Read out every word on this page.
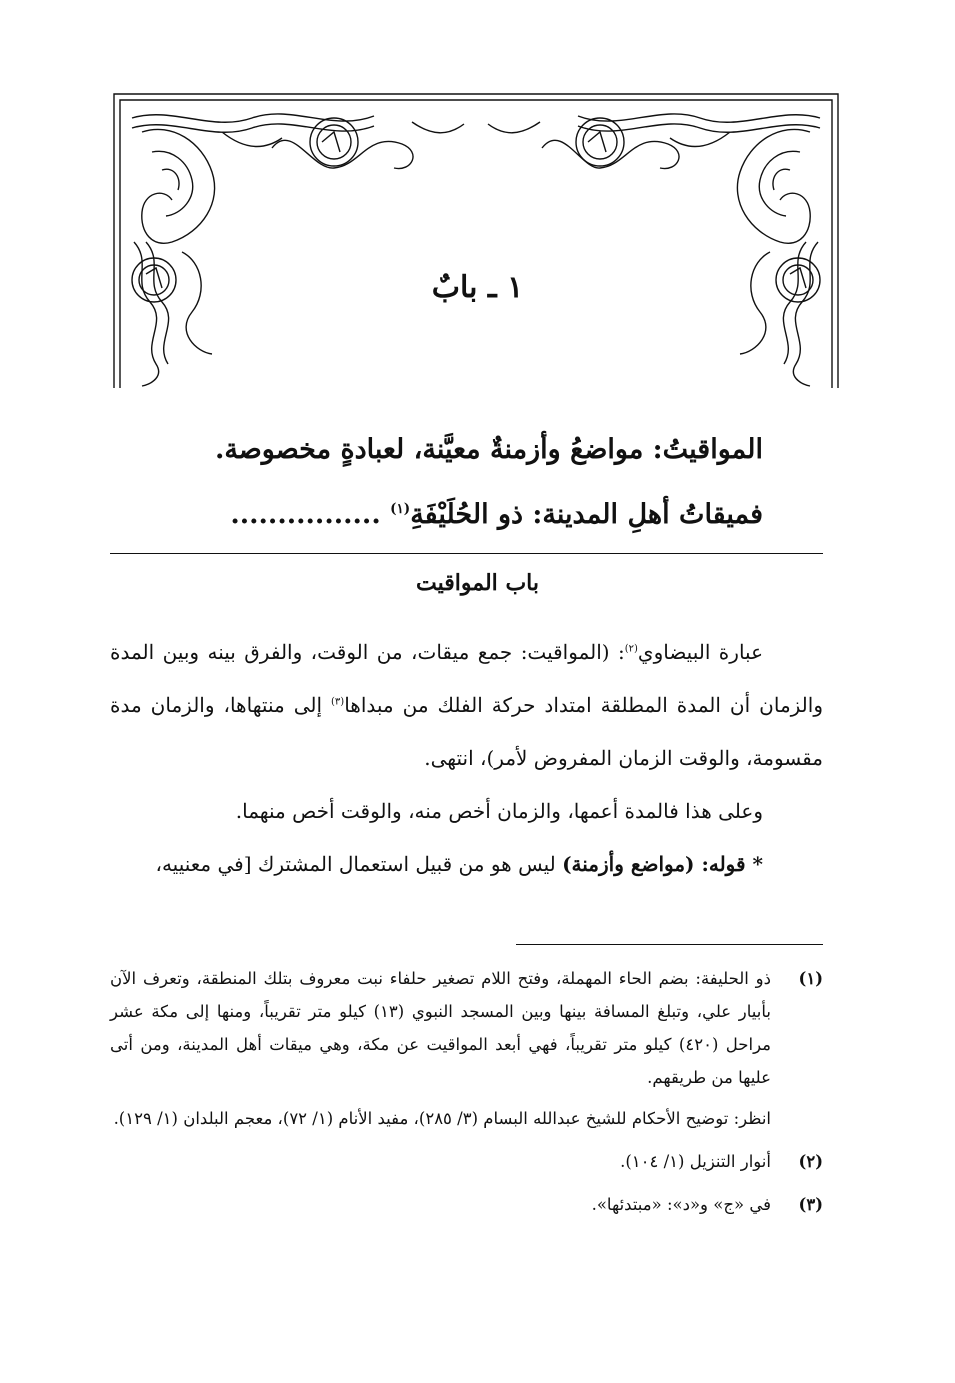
١ ـ بابٌ
المواقيتُ: مواضعُ وأزمنةٌ معيَّنة، لعبادةٍ مخصوصة.
فميقاتُ أهلِ المدينة: ذو الحُلَيْفَةِ$^{(١)}$ ................
باب المواقيت

عبارة البيضاوي$^{(٢)}$: (المواقيت: جمع ميقات، من الوقت، والفرق بينه وبين المدة والزمان أن المدة المطلقة امتداد حركة الفلك من مبداها$^{(٣)}$ إلى منتهاها، والزمان مدة مقسومة، والوقت الزمان المفروض لأمر)، انتهى.

وعلى هذا فالمدة أعمها، والزمان أخص منه، والوقت أخص منهما.

* قوله: (مواضع وأزمنة) ليس هو من قبيل استعمال المشترك [في معنييه،

(١)
ذو الحليفة: بضم الحاء المهملة، وفتح اللام تصغير حلفاء نبت معروف بتلك المنطقة، وتعرف الآن بأبيار علي، وتبلغ المسافة بينها وبين المسجد النبوي (١٣) كيلو متر تقريباً، ومنها إلى مكة عشر مراحل (٤٢٠) كيلو متر تقريباً، فهي أبعد المواقيت عن مكة، وهي ميقات أهل المدينة، ومن أتى عليها من طريقهم.
انظر: توضيح الأحكام للشيخ عبدالله البسام (٣/ ٢٨٥)، مفيد الأنام (١/ ٧٢)، معجم البلدان (١/ ١٢٩).
(٢)
أنوار التنزيل (١/ ١٠٤).
(٣)
في «ج» و«د»: «مبتدئها».
